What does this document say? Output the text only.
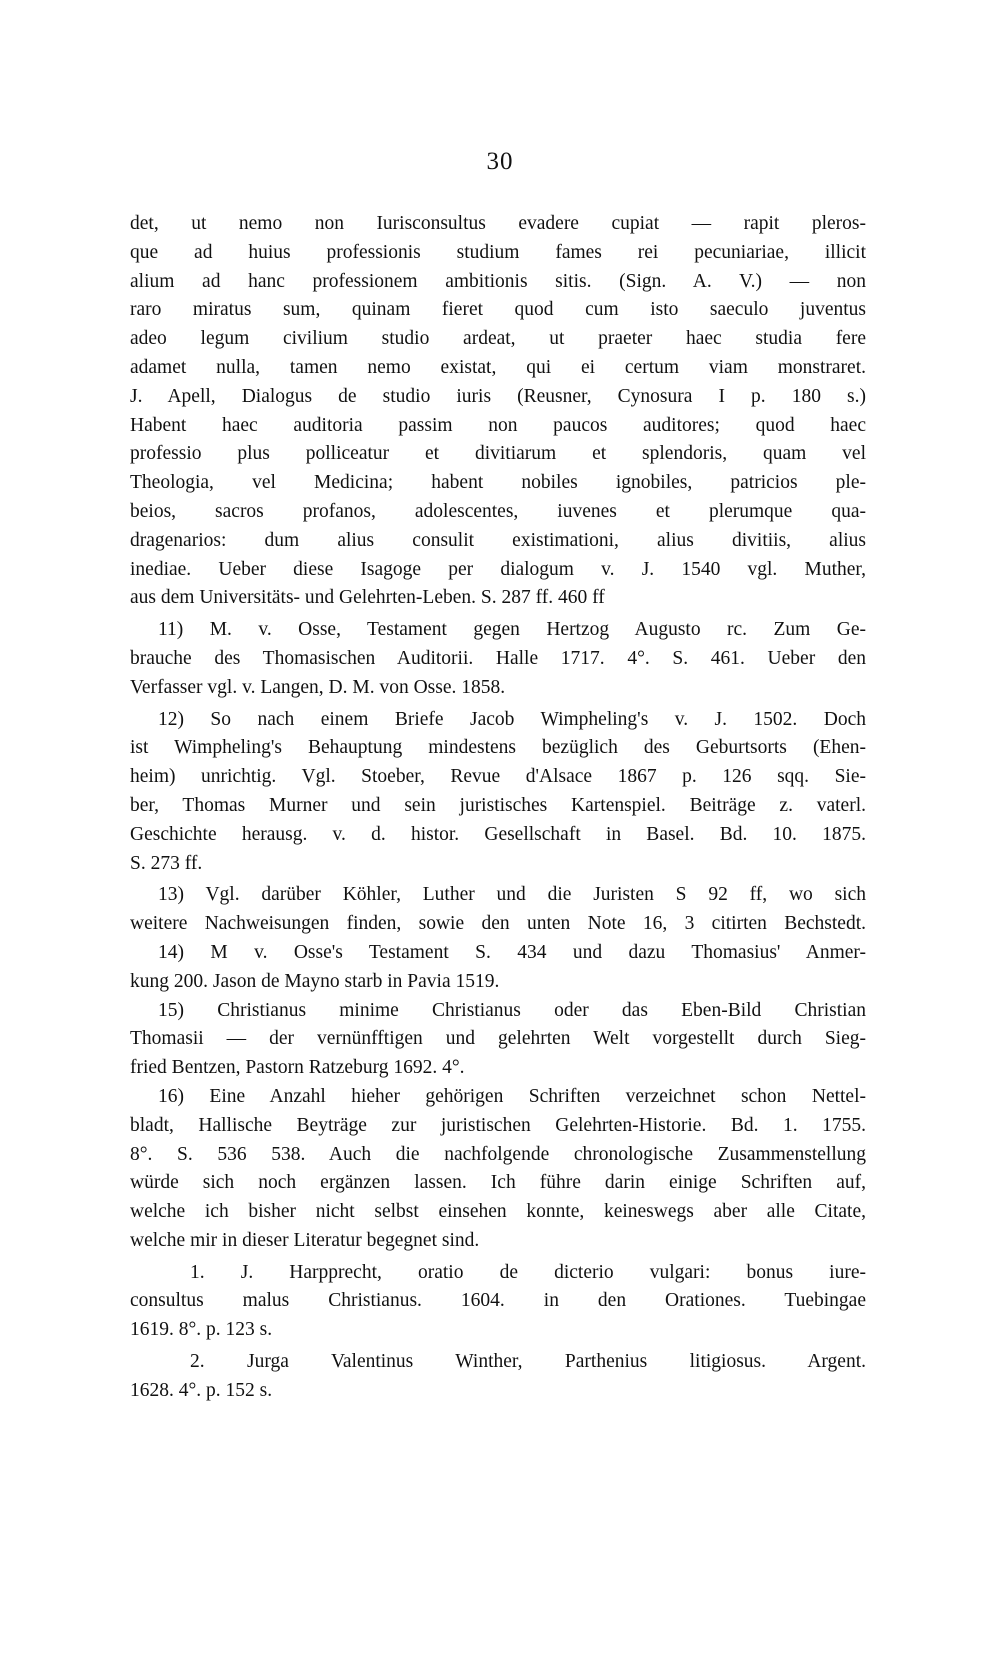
30
det, ut nemo non Iurisconsultus evadere cupiat — rapit pleros-
que ad huius professionis studium fames rei pecuniariae, illicit
alium ad hanc professionem ambitionis sitis. (Sign. A. V.) — non
raro miratus sum, quinam fieret quod cum isto saeculo juventus
adeo legum civilium studio ardeat, ut praeter haec studia fere
adamet nulla, tamen nemo existat, qui ei certum viam monstraret.
J. Apell, Dialogus de studio iuris (Reusner, Cynosura I p. 180 s.)
Habent haec auditoria passim non paucos auditores; quod haec
professio plus polliceatur et divitiarum et splendoris, quam vel
Theologia, vel Medicina; habent nobiles ignobiles, patricios ple-
beios, sacros profanos, adolescentes, iuvenes et plerumque qua-
dragenarios: dum alius consulit existimationi, alius divitiis, alius
inediae. Ueber diese Isagoge per dialogum v. J. 1540 vgl. Muther,
aus dem Universitäts- und Gelehrten-Leben. S. 287 ff. 460 ff
11) M. v. Osse, Testament gegen Hertzog Augusto rc. Zum Ge-
brauche des Thomasischen Auditorii. Halle 1717. 4°. S. 461. Ueber den
Verfasser vgl. v. Langen, D. M. von Osse. 1858.
12) So nach einem Briefe Jacob Wimpheling's v. J. 1502. Doch
ist Wimpheling's Behauptung mindestens bezüglich des Geburtsorts (Ehen-
heim) unrichtig. Vgl. Stoeber, Revue d'Alsace 1867 p. 126 sqq. Sie-
ber, Thomas Murner und sein juristisches Kartenspiel. Beiträge z. vaterl.
Geschichte herausg. v. d. histor. Gesellschaft in Basel. Bd. 10. 1875.
S. 273 ff.
13) Vgl. darüber Köhler, Luther und die Juristen S 92 ff, wo sich
weitere Nachweisungen finden, sowie den unten Note 16, 3 citirten Bechstedt.
14) M v. Osse's Testament S. 434 und dazu Thomasius' Anmer-
kung 200. Jason de Mayno starb in Pavia 1519.
15) Christianus minime Christianus oder das Eben-Bild Christian
Thomasii — der vernünfftigen und gelehrten Welt vorgestellt durch Sieg-
fried Bentzen, Pastorn Ratzeburg 1692. 4°.
16) Eine Anzahl hieher gehörigen Schriften verzeichnet schon Nettel-
bladt, Hallische Beyträge zur juristischen Gelehrten-Historie. Bd. 1. 1755.
8°. S. 536 538. Auch die nachfolgende chronologische Zusammenstellung
würde sich noch ergänzen lassen. Ich führe darin einige Schriften auf,
welche ich bisher nicht selbst einsehen konnte, keineswegs aber alle Citate,
welche mir in dieser Literatur begegnet sind.
1. J. Harpprecht, oratio de dicterio vulgari: bonus iure-
consultus malus Christianus. 1604. in den Orationes. Tuebingae
1619. 8°. p. 123 s.
2. Jurga Valentinus Winther, Parthenius litigiosus. Argent.
1628. 4°. p. 152 s.
